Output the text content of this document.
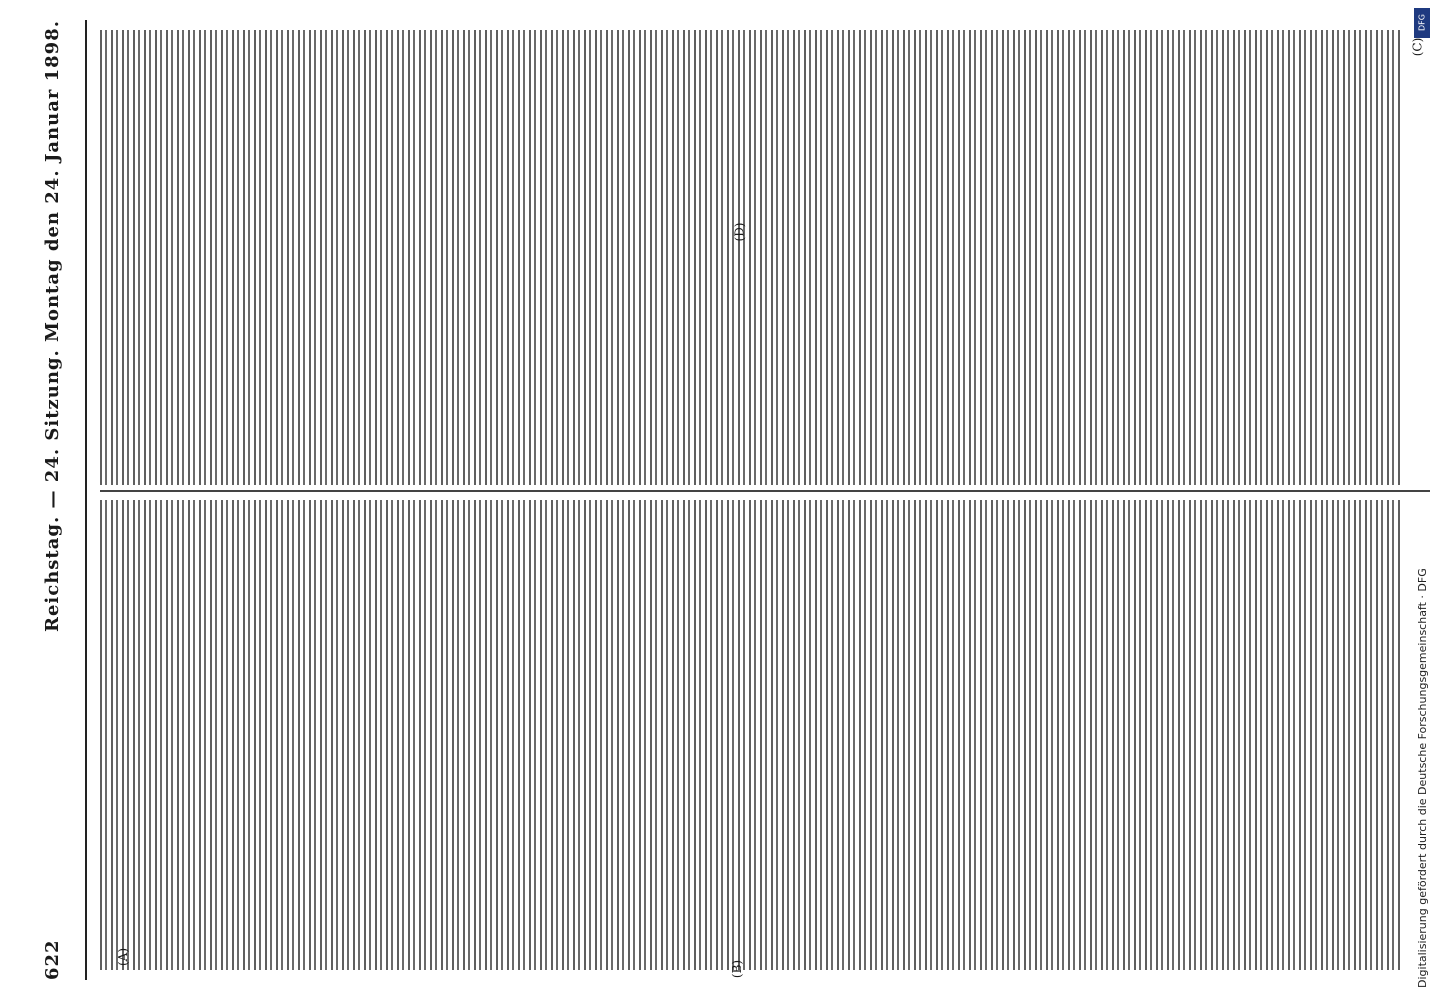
622
Reichstag. — 24. Sitzung. Montag den 24. Januar 1898.
(A)
(B)
(C)
(D)
Digitalisierung gefördert durch die Deutsche Forschungsgemeinschaft · DFG
DFG
